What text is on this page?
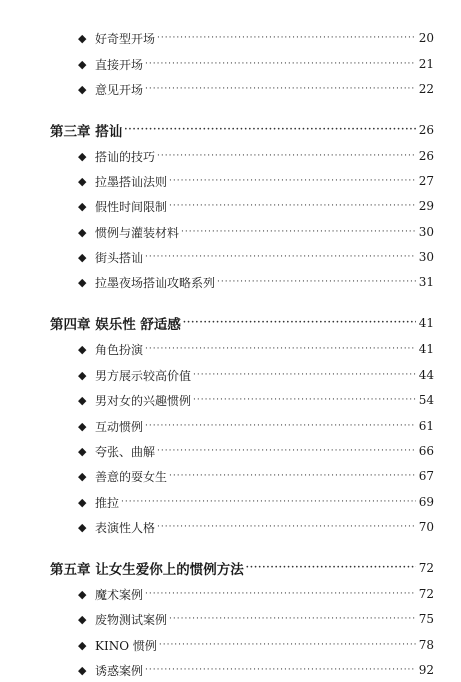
◆ 好奇型开场 ·····	20
◆ 直接开场 ·····	21
◆ 意见开场 ·····	22
第三章 搭讪 ·····	26
◆ 搭讪的技巧 ·····	26
◆ 拉墨搭讪法则 ·····	27
◆ 假性时间限制 ·····	29
◆ 惯例与灌装材料 ·····	30
◆ 街头搭讪 ·····	30
◆ 拉墨夜场搭讪攻略系列 ·····	31
第四章 娱乐性 舒适感 ·····	41
◆ 角色扮演 ·····	41
◆ 男方展示较高价值 ·····	44
◆ 男对女的兴趣惯例 ·····	54
◆ 互动惯例 ·····	61
◆ 夸张、曲解 ·····	66
◆ 善意的耍女生 ·····	67
◆ 推拉 ·····	69
◆ 表演性人格 ·····	70
第五章 让女生爱你上的惯例方法 ·····	72
◆ 魔术案例 ·····	72
◆ 废物测试案例 ·····	75
◆ KINO 惯例 ·····	78
◆ 诱惑案例 ·····	92
